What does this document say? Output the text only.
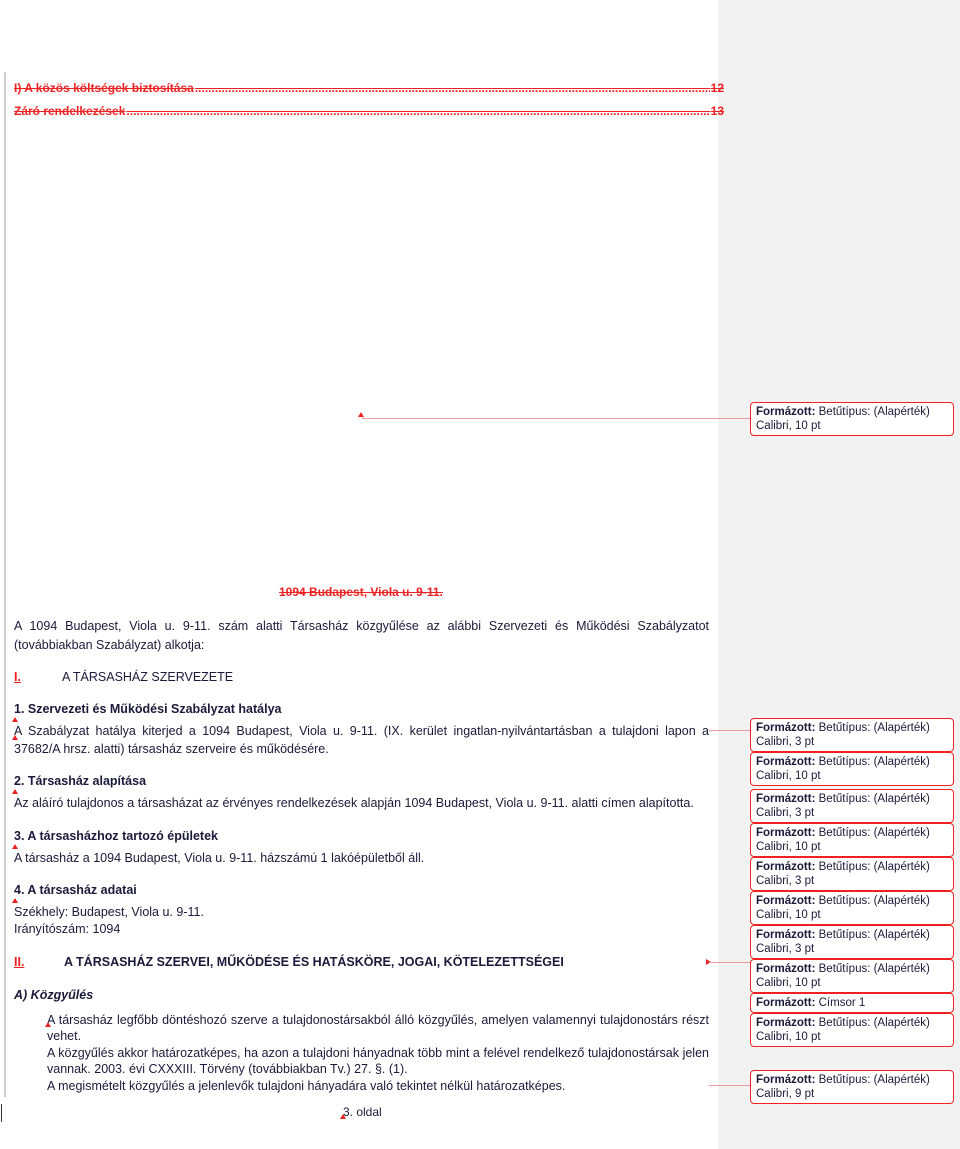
I) A közös költségek biztosítása .....	12
Záró rendelkezések .....	13
1094 Budapest, Viola u. 9-11.
A 1094 Budapest, Viola u. 9-11. szám alatti Társasház közgyűlése az alábbi Szervezeti és Működési Szabályzatot
(továbbiakban Szabályzat) alkotja:
I.	A TÁRSASHÁZ SZERVEZETE
1. Szervezeti és Működési Szabályzat hatálya
A Szabályzat hatálya kiterjed a 1094 Budapest, Viola u. 9-11. (IX. kerület ingatlan-nyilvántartásban a tulajdoni lapon a
37682/A hrsz. alatti) társasház szerveire és működésére.
2. Társasház alapítása
Az aláíró tulajdonos a társasházat az érvényes rendelkezések alapján 1094 Budapest, Viola u. 9-11. alatti címen alapította.
3. A társasházhoz tartozó épületek
A társasház a 1094 Budapest, Viola u. 9-11. házszámú 1 lakóépületből áll.
4. A társasház adatai
Székhely: Budapest, Viola u. 9-11.
Irányítószám: 1094
II.	A TÁRSASHÁZ SZERVEI, MŰKÖDÉSE ÉS HATÁSKÖRE, JOGAI, KÖTELEZETTSÉGEI
A) Közgyűlés
A társasház legfőbb döntéshozó szerve a tulajdonostársakból álló közgyűlés, amelyen valamennyi tulajdonostárs részt
vehet.
A közgyűlés akkor határozatképes, ha azon a tulajdoni hányadnak több mint a felével rendelkező tulajdonostársak jelen
vannak. 2003. évi CXXXIII. Törvény (továbbiakban Tv.) 27. §. (1).
A megismételt közgyűlés a jelenlevők tulajdoni hányadára való tekintet nélkül határozatképes.
3. oldal
Formázott: Betűtípus: (Alapérték)
Calibri, 10 pt
Formázott: Betűtípus: (Alapérték)
Calibri, 3 pt
Formázott: Betűtípus: (Alapérték)
Calibri, 10 pt
Formázott: Betűtípus: (Alapérték)
Calibri, 3 pt
Formázott: Betűtípus: (Alapérték)
Calibri, 10 pt
Formázott: Betűtípus: (Alapérték)
Calibri, 3 pt
Formázott: Betűtípus: (Alapérték)
Calibri, 10 pt
Formázott: Betűtípus: (Alapérték)
Calibri, 3 pt
Formázott: Betűtípus: (Alapérték)
Calibri, 10 pt
Formázott: Címsor 1
Formázott: Betűtípus: (Alapérték)
Calibri, 10 pt
Formázott: Betűtípus: (Alapérték)
Calibri, 9 pt
